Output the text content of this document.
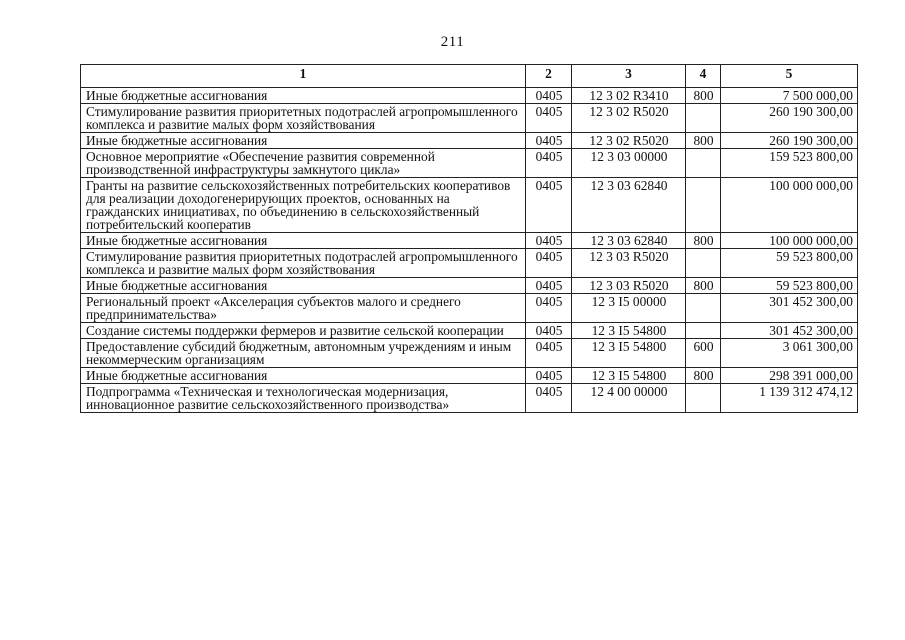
211
1	2	3	4	5
Иные бюджетные ассигнования	0405	12 3 02 R3410	800	7 500 000,00
Стимулирование развития приоритетных подотраслей агропромышленного комплекса и развитие малых форм хозяйствования	0405	12 3 02 R5020		260 190 300,00
Иные бюджетные ассигнования	0405	12 3 02 R5020	800	260 190 300,00
Основное мероприятие «Обеспечение развития современной производственной инфраструктуры замкнутого цикла»	0405	12 3 03 00000		159 523 800,00
Гранты на развитие сельскохозяйственных потребительских кооперативов для реализации доходогенерирующих проектов, основанных на гражданских инициативах, по объединению в сельскохозяйственный потребительский кооператив	0405	12 3 03 62840		100 000 000,00
Иные бюджетные ассигнования	0405	12 3 03 62840	800	100 000 000,00
Стимулирование развития приоритетных подотраслей агропромышленного комплекса и развитие малых форм хозяйствования	0405	12 3 03 R5020		59 523 800,00
Иные бюджетные ассигнования	0405	12 3 03 R5020	800	59 523 800,00
Региональный проект «Акселерация субъектов малого и среднего предпринимательства»	0405	12 3 I5 00000		301 452 300,00
Создание системы поддержки фермеров и развитие сельской кооперации	0405	12 3 I5 54800		301 452 300,00
Предоставление субсидий бюджетным, автономным учреждениям и иным некоммерческим организациям	0405	12 3 I5 54800	600	3 061 300,00
Иные бюджетные ассигнования	0405	12 3 I5 54800	800	298 391 000,00
Подпрограмма «Техническая и технологическая модернизация, инновационное развитие сельскохозяйственного производства»	0405	12 4 00 00000		1 139 312 474,12
